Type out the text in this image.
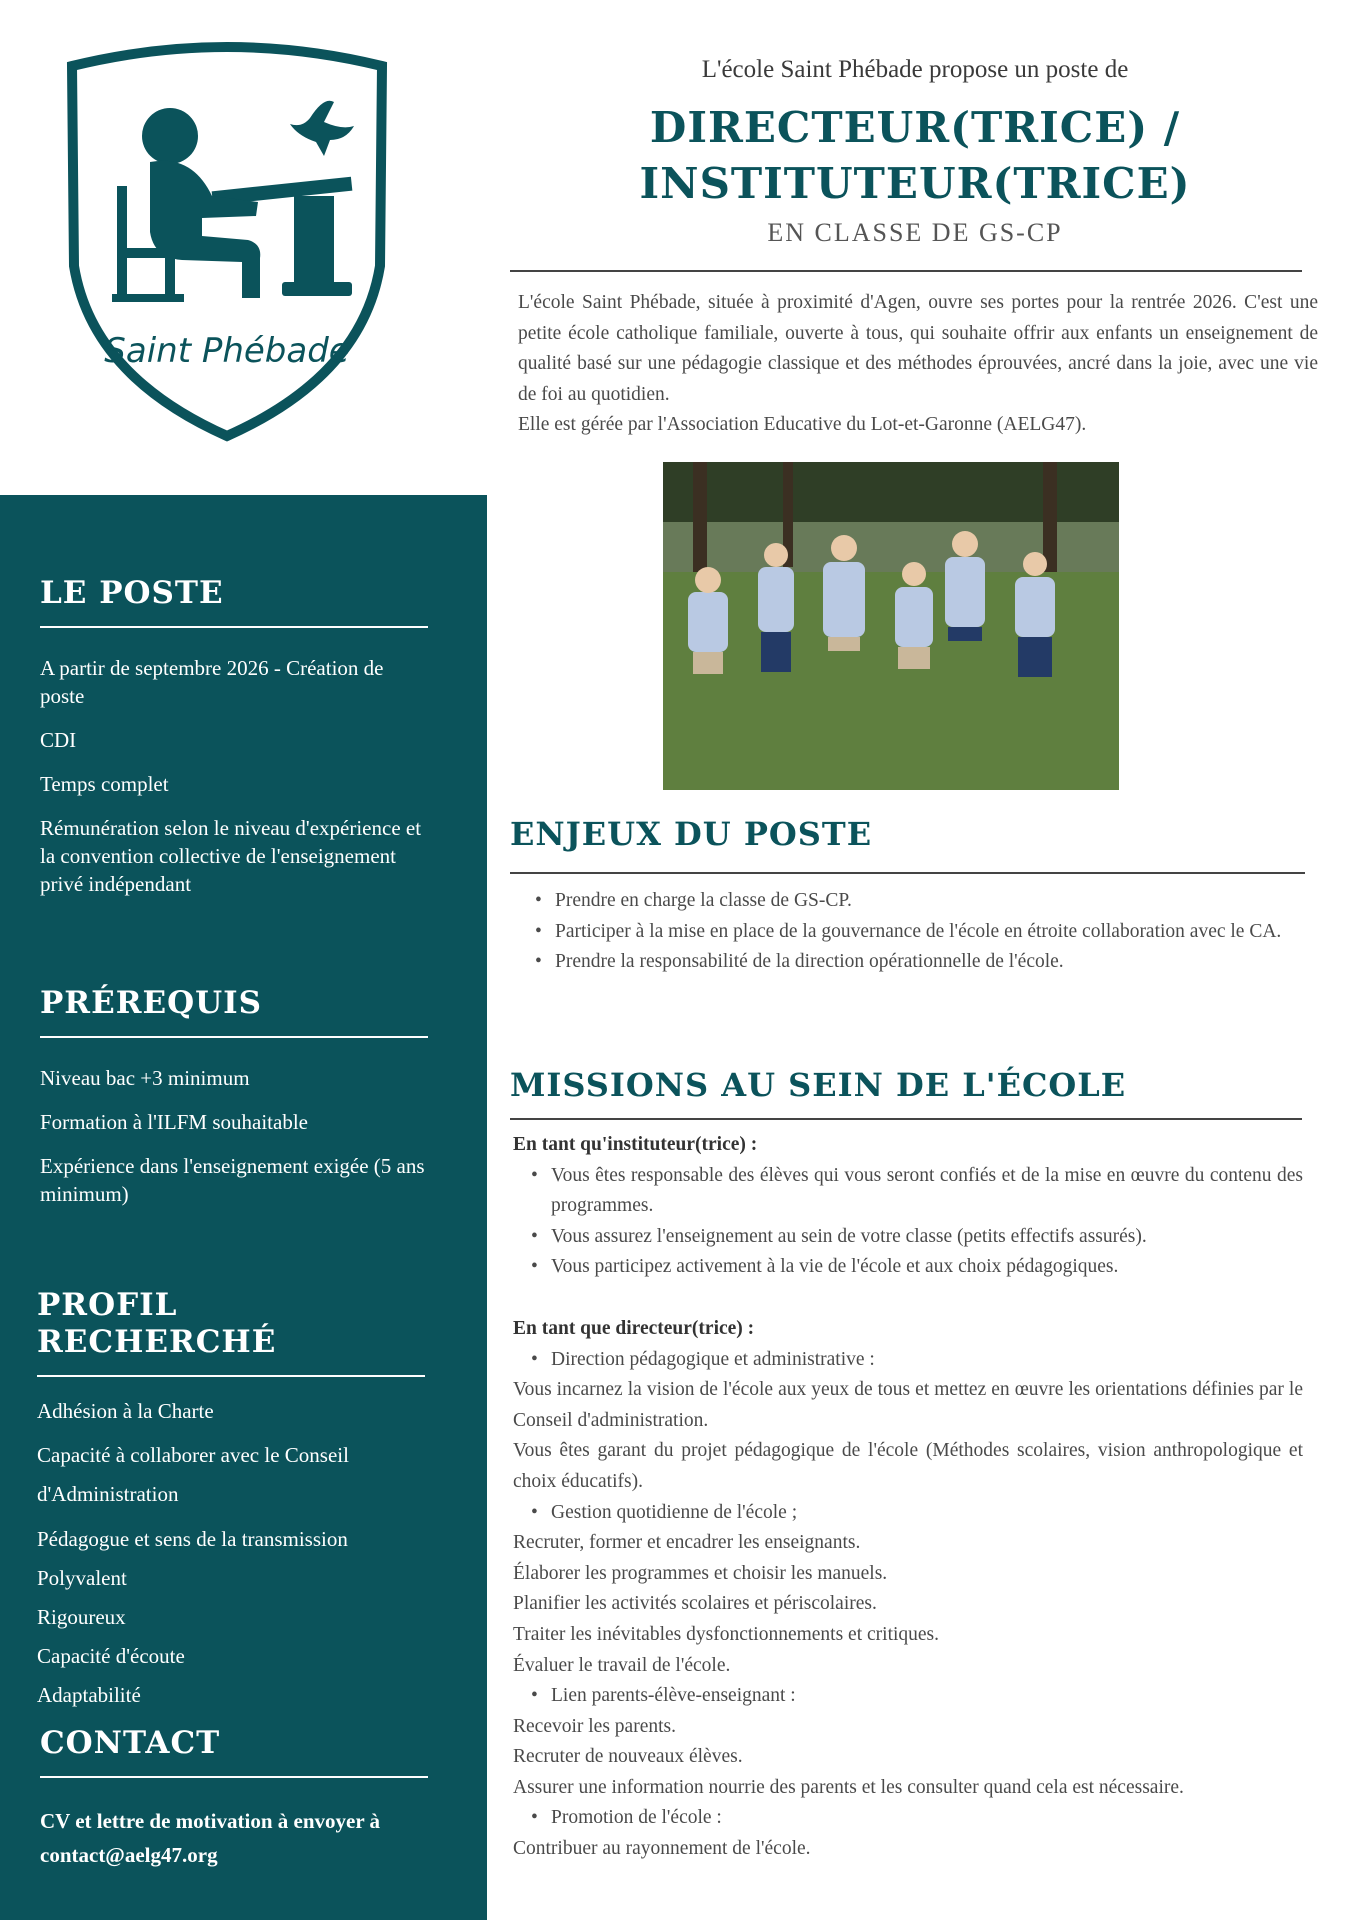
Saint Phébade
L'école Saint Phébade propose un poste de
DIRECTEUR(TRICE) /
INSTITUTEUR(TRICE)
EN CLASSE DE GS-CP

L'école Saint Phébade, située à proximité d'Agen, ouvre ses portes pour la rentrée 2026. C'est une petite école catholique familiale, ouverte à tous, qui souhaite offrir aux enfants un enseignement de qualité basé sur une pédagogie classique et des méthodes éprouvées, ancré dans la joie, avec une vie de foi au quotidien.

Elle est gérée par l'Association Educative du Lot-et-Garonne (AELG47).

ENJEUX DU POSTE
• Prendre en charge la classe de GS-CP.
• Participer à la mise en place de la gouvernance de l'école en étroite collaboration avec le CA.
• Prendre la responsabilité de la direction opérationnelle de l'école.
MISSIONS AU SEIN DE L'ÉCOLE

En tant qu'instituteur(trice) :

• Vous êtes responsable des élèves qui vous seront confiés et de la mise en œuvre du contenu des programmes.
• Vous assurez l'enseignement au sein de votre classe (petits effectifs assurés).
• Vous participez activement à la vie de l'école et aux choix pédagogiques.

En tant que directeur(trice) :

• Direction pédagogique et administrative :

Vous incarnez la vision de l'école aux yeux de tous et mettez en œuvre les orientations définies par le Conseil d'administration.

Vous êtes garant du projet pédagogique de l'école (Méthodes scolaires, vision anthropologique et choix éducatifs).

• Gestion quotidienne de l'école ;

Recruter, former et encadrer les enseignants.

Élaborer les programmes et choisir les manuels.

Planifier les activités scolaires et périscolaires.

Traiter les inévitables dysfonctionnements et critiques.

Évaluer le travail de l'école.

• Lien parents-élève-enseignant :

Recevoir les parents.

Recruter de nouveaux élèves.

Assurer une information nourrie des parents et les consulter quand cela est nécessaire.

• Promotion de l'école :

Contribuer au rayonnement de l'école.

LE POSTE

A partir de septembre 2026 - Création de poste

CDI

Temps complet

Rémunération selon le niveau d'expérience et la convention collective de l'enseignement privé indépendant

PRÉREQUIS

Niveau bac +3 minimum

Formation à l'ILFM souhaitable

Expérience dans l'enseignement exigée (5 ans minimum)

PROFIL RECHERCHÉ

Adhésion à la Charte

Capacité à collaborer avec le Conseil d'Administration

Pédagogue et sens de la transmission

Polyvalent

Rigoureux

Capacité d'écoute

Adaptabilité

CONTACT

CV et lettre de motivation à envoyer à

contact@aelg47.org
